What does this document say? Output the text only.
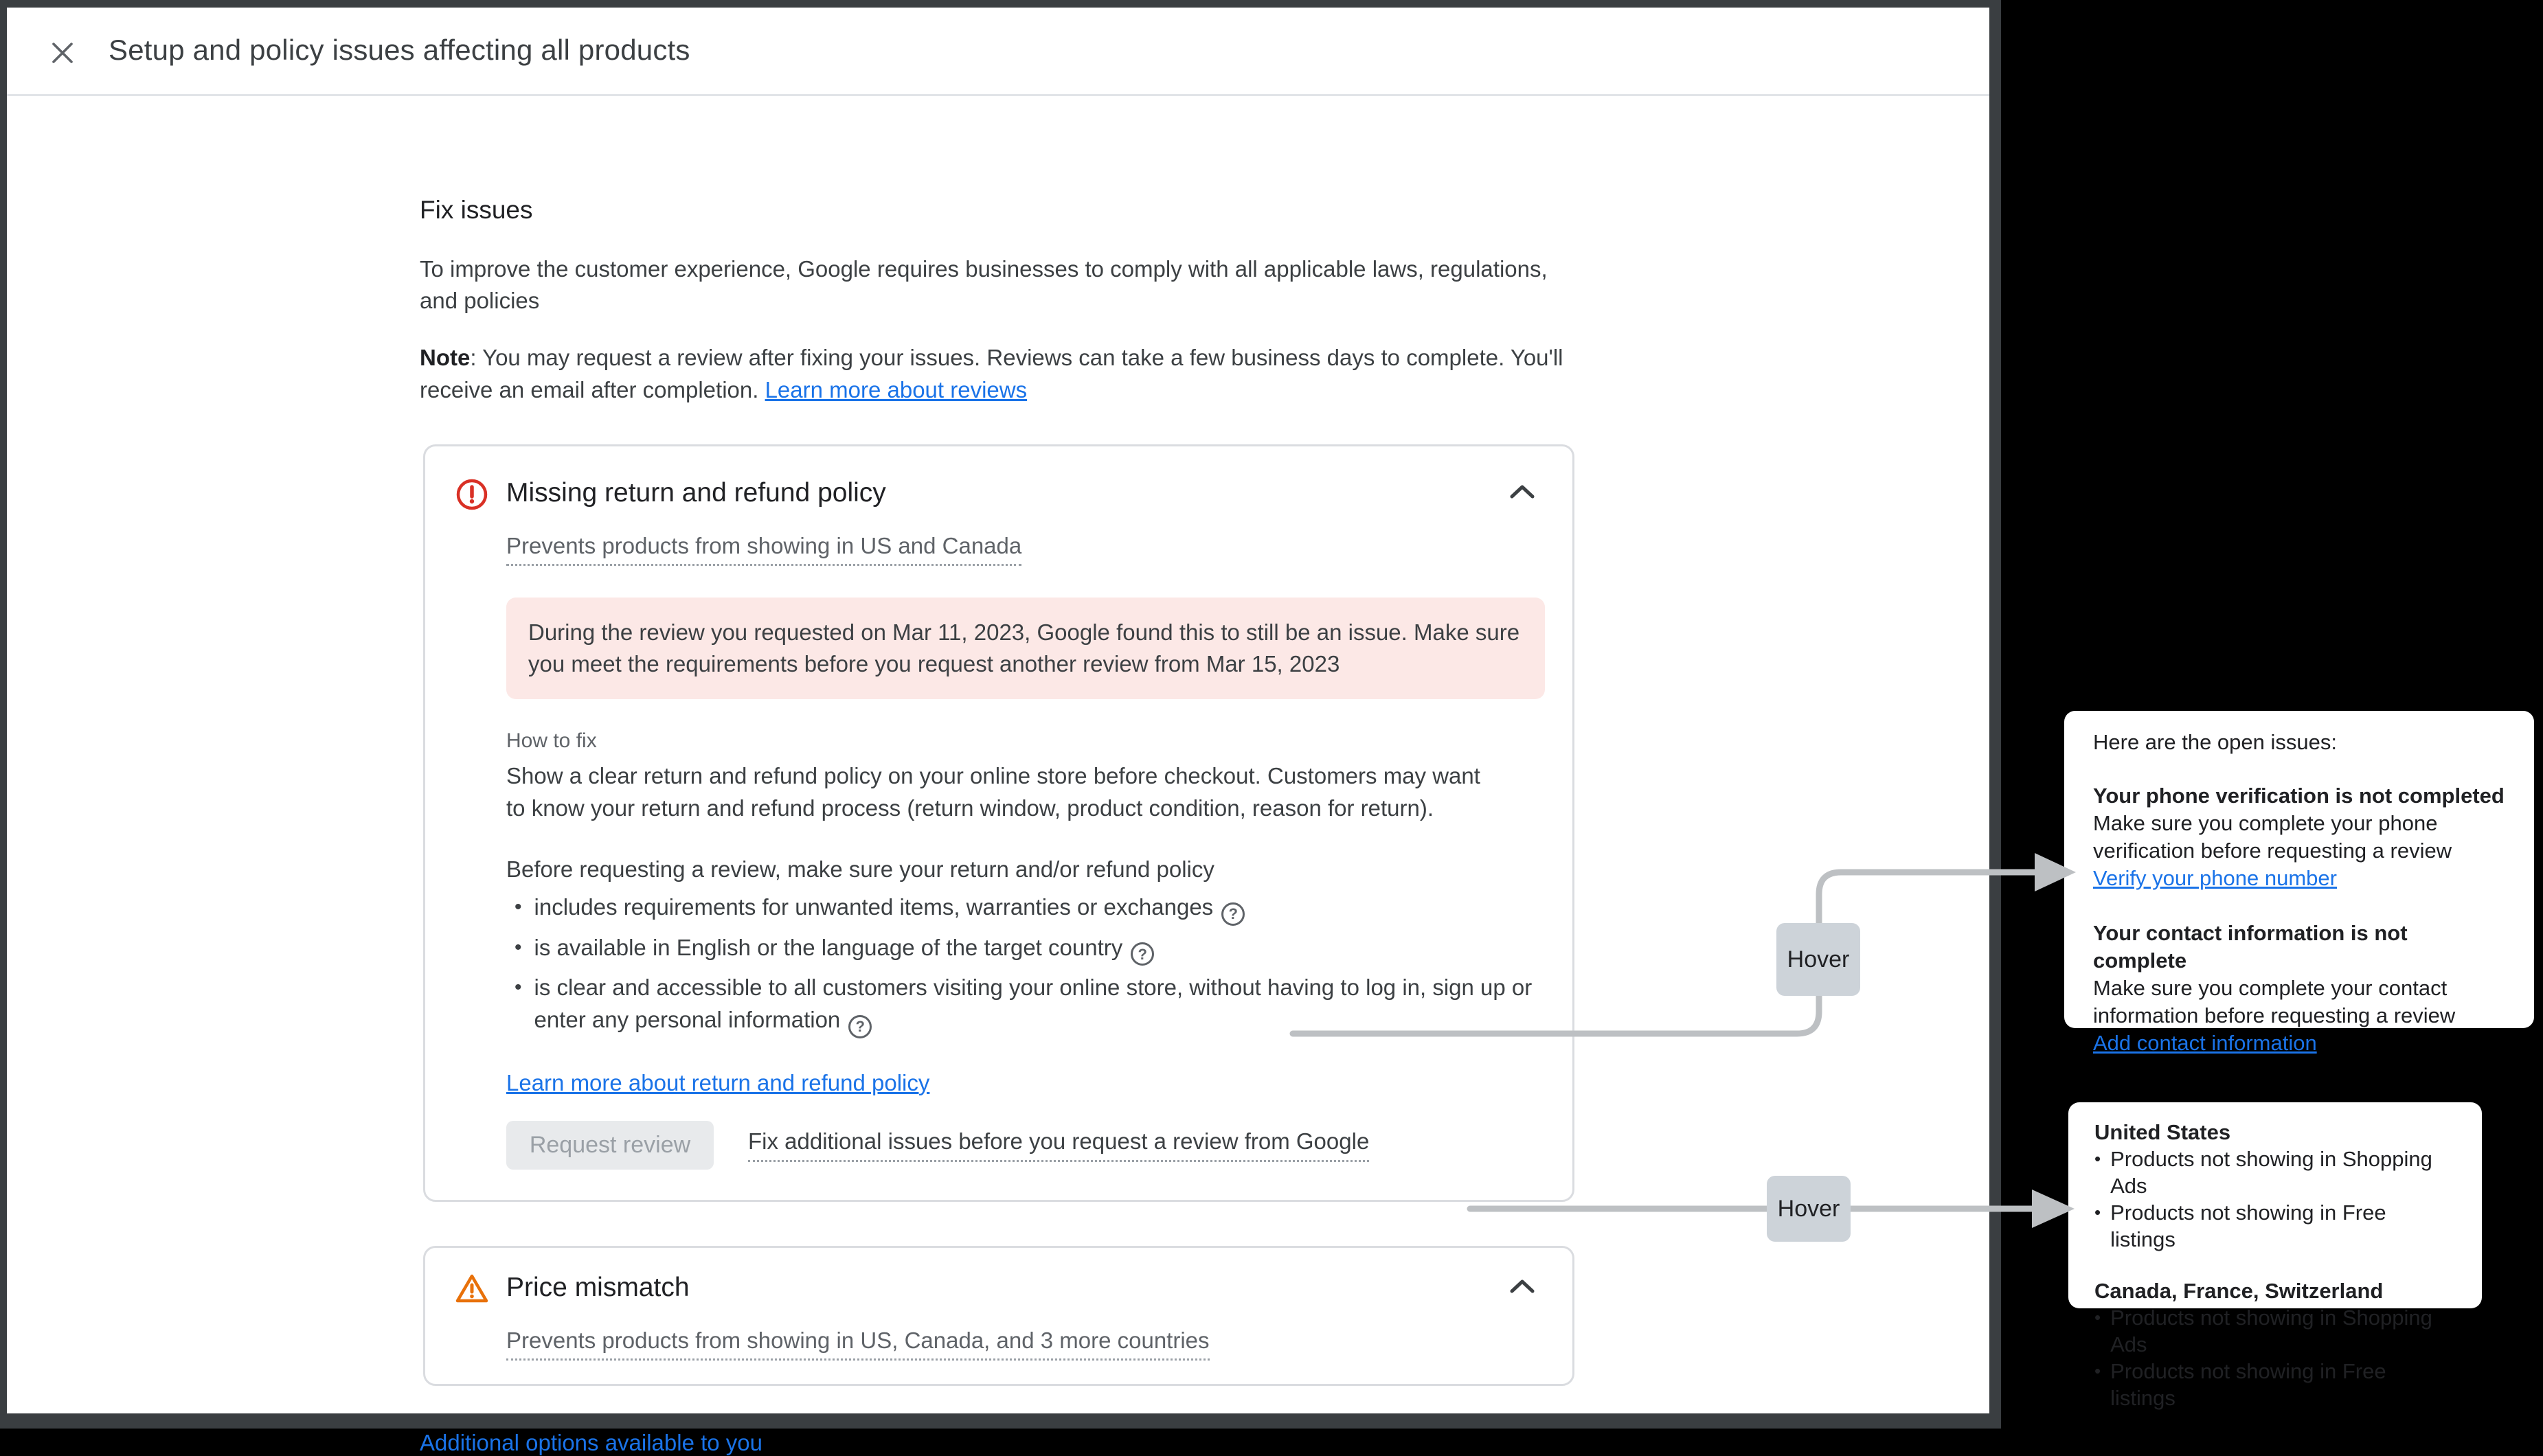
Setup and policy issues affecting all products
Fix issues

To improve the customer experience, Google requires businesses to comply with all applicable laws, regulations, and policies

Note: You may request a review after fixing your issues. Reviews can take a few business days to complete. You'll receive an email after completion. Learn more about reviews

Missing return and refund policy

Prevents products from showing in US and Canada
During the review you requested on Mar 11, 2023, Google found this to still be an issue. Make sure you meet the requirements before you request another review from Mar 15, 2023
How to fix
Show a clear return and refund policy on your online store before checkout. Customers may want to know your return and refund process (return window, product condition, reason for return).
Before requesting a review, make sure your return and/or refund policy
• includes requirements for unwanted items, warranties or exchanges ?
• is available in English or the language of the target country ?
• is clear and accessible to all customers visiting your online store, without having to log in, sign up or enter any personal information ?
Learn more about return and refund policy
Request review	Fix additional issues before you request a review from Google
Price mismatch

Prevents products from showing in US, Canada, and 3 more countries
Additional options available to you
Hover
Hover
Here are the open issues:
Your phone verification is not completed
Make sure you complete your phone verification before requesting a review
Verify your phone number
Your contact information is not complete
Make sure you complete your contact information before requesting a review
Add contact information
United States
• Products not showing in Shopping Ads
• Products not showing in Free listings
Canada, France, Switzerland
• Products not showing in Shopping Ads
• Products not showing in Free listings
